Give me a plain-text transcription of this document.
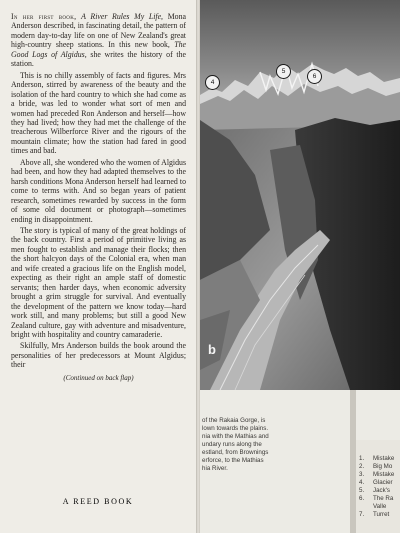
In her first book, A River Rules My Life, Mona Anderson described, in fascinating detail, the pattern of modern day-to-day life on one of New Zealand's great high-country sheep stations. In this new book, The Good Logs of Algidus, she writes the history of the station.

This is no chilly assembly of facts and figures. Mrs Anderson, stirred by awareness of the beauty and the isolation of the hard country to which she had come as a bride, was led to wonder what sort of men and women had preceded Ron Anderson and herself—how they had lived; how they had met the challenge of the treacherous Wilberforce River and the rigours of the mountain climate; how the station had fared in good times and bad.

Above all, she wondered who the women of Algidus had been, and how they had adapted themselves to the harsh conditions Mona Anderson herself had learned to come to terms with. And so began years of patient research, sometimes rewarded by success in the form of some old document or photograph—sometimes ending in disappointment.

The story is typical of many of the great holdings of the back country. First a period of primitive living as men fought to establish and manage their flocks; then the short halcyon days of the Colonial era, when man and wife created a gracious life on the English model, expecting as their right an ample staff of domestic servants; then harder days, when economic adversity brought a grim struggle for survival. And eventually the development of the pattern we know today—hard work still, and many problems; but still a good New Zealand culture, gay with adventure and misadventure, bright with hospitality and country camaraderie.

Skilfully, Mrs Anderson builds the book around the personalities of her predecessors at Mount Algidus; their

(Continued on back flap)
A REED BOOK
4
5
6
b
of the Rakaia Gorge, is
lown towards the plains.
nia with the Mathias and
undary runs along the
estland, from Brownings
erforce, to the Mathias
hia River.
1.	Mistake
2.	Big Mo
3.	Mistake
4.	Glacier
5.	Jack's
6.	The Ra
Valle
7.	Turret
